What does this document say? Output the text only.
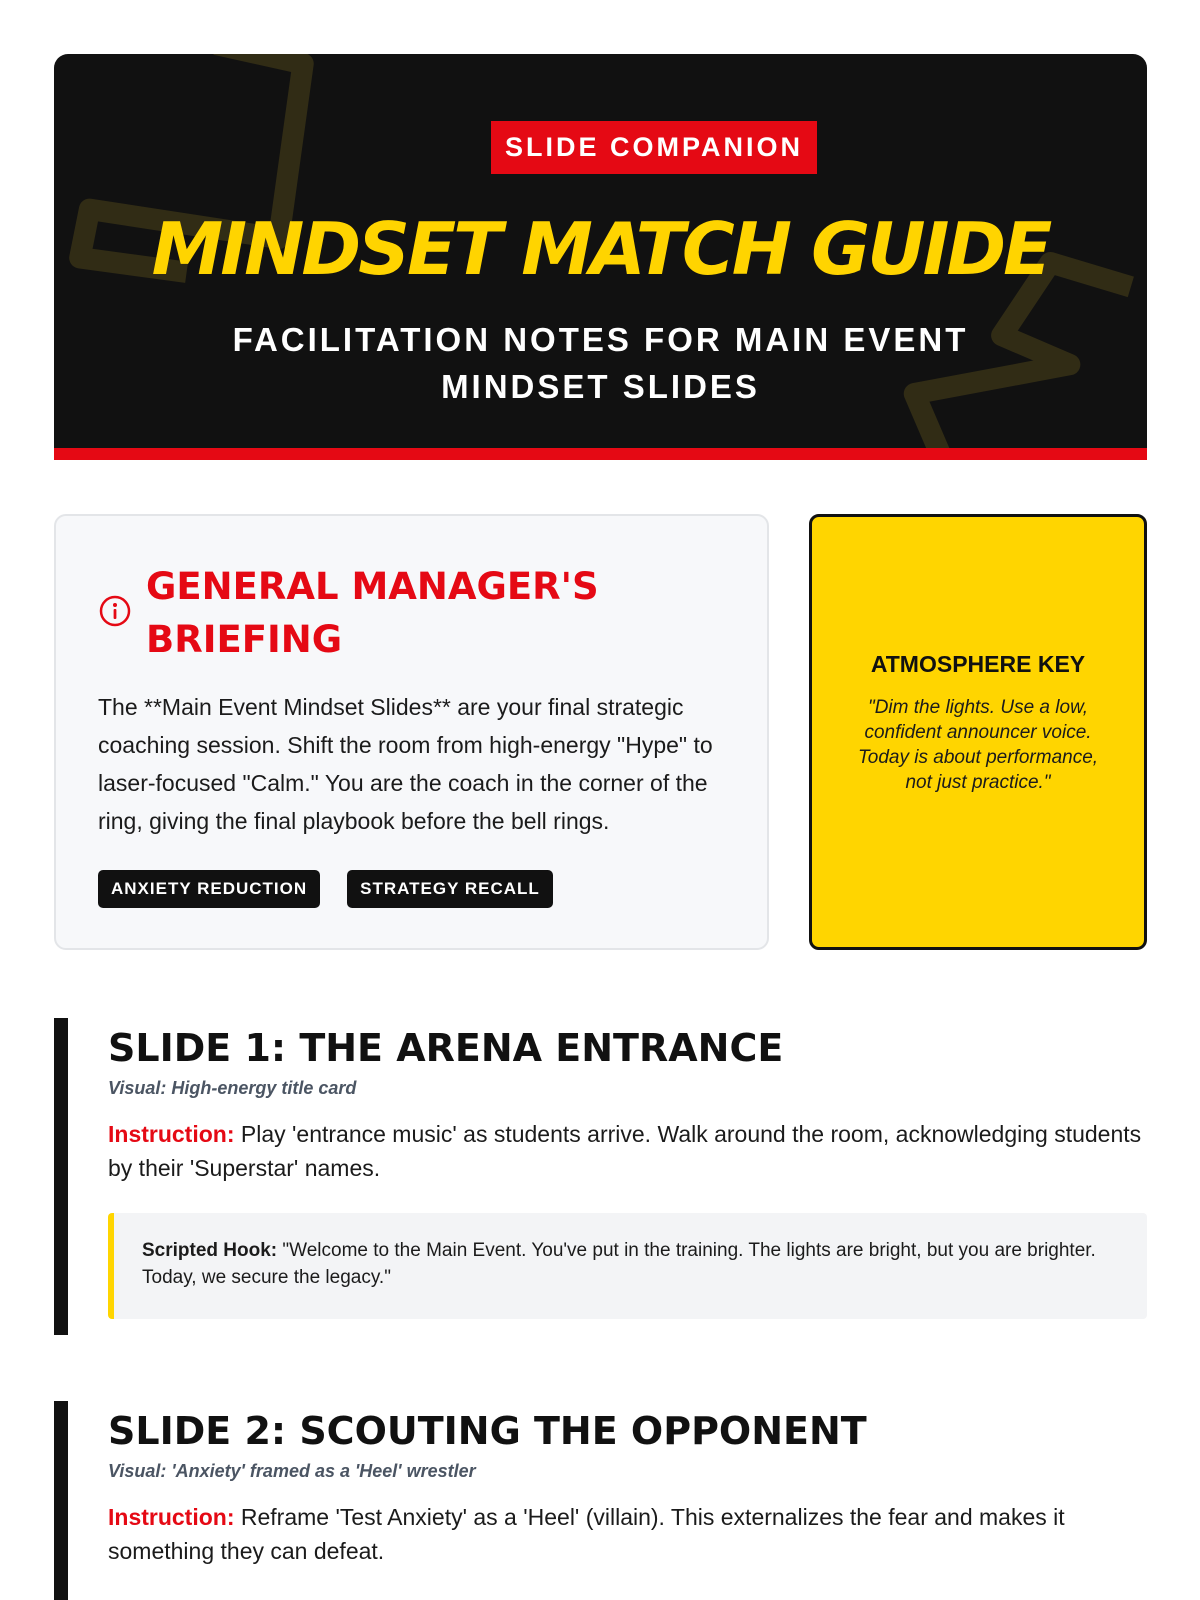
SLIDE COMPANION
MINDSET MATCH GUIDE
FACILITATION NOTES FOR MAIN EVENT MINDSET SLIDES
GENERAL MANAGER'S BRIEFING
The **Main Event Mindset Slides** are your final strategic coaching session. Shift the room from high-energy "Hype" to laser-focused "Calm." You are the coach in the corner of the ring, giving the final playbook before the bell rings.
ANXIETY REDUCTION	STRATEGY RECALL
ATMOSPHERE KEY
"Dim the lights. Use a low, confident announcer voice. Today is about performance, not just practice."
SLIDE 1: THE ARENA ENTRANCE
Visual: High-energy title card
Instruction: Play 'entrance music' as students arrive. Walk around the room, acknowledging students by their 'Superstar' names.
Scripted Hook: "Welcome to the Main Event. You've put in the training. The lights are bright, but you are brighter. Today, we secure the legacy."
SLIDE 2: SCOUTING THE OPPONENT
Visual: 'Anxiety' framed as a 'Heel' wrestler
Instruction: Reframe 'Test Anxiety' as a 'Heel' (villain). This externalizes the fear and makes it something they can defeat.
